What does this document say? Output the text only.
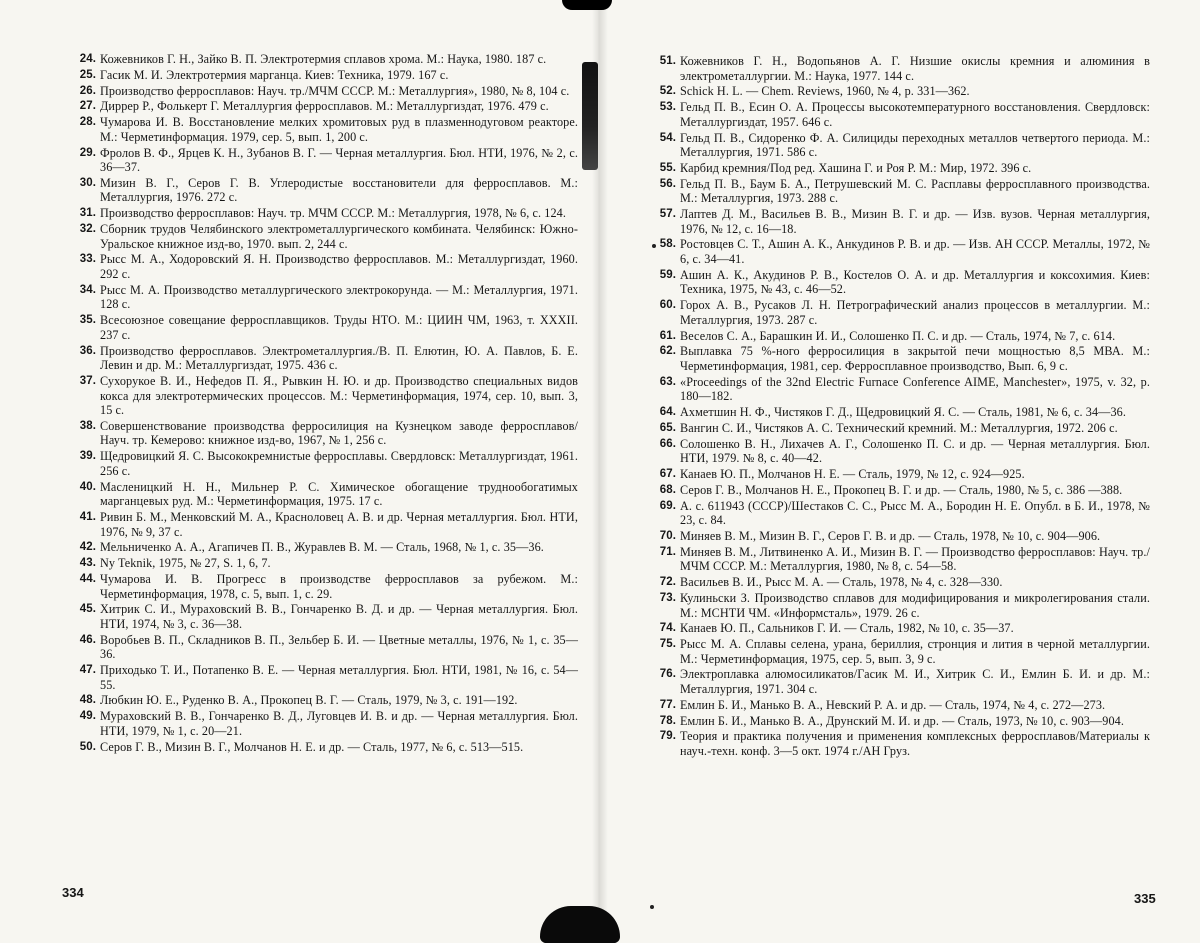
24. Кожевников Г. Н., Зайко В. П. Электротермия сплавов хрома. М.: Наука, 1980. 187 с.
25. Гасик М. И. Электротермия марганца. Киев: Техника, 1979. 167 с.
26. Производство ферросплавов: Науч. тр./МЧМ СССР. М.: Металлургия», 1980, № 8, 104 с.
27. Диррер Р., Фолькерт Г. Металлургия ферросплавов. М.: Металлургиздат, 1976. 479 с.
28. Чумарова И. В. Восстановление мелких хромитовых руд в плазменнодуговом реакторе. М.: Черметинформация. 1979, сер. 5, вып. 1, 200 с.
29. Фролов В. Ф., Ярцев К. Н., Зубанов В. Г. — Черная металлургия. Бюл. НТИ, 1976, № 2, с. 36—37.
30. Мизин В. Г., Серов Г. В. Углеродистые восстановители для ферросплавов. М.: Металлургия, 1976. 272 с.
31. Производство ферросплавов: Науч. тр. МЧМ СССР. М.: Металлургия, 1978, № 6, с. 124.
32. Сборник трудов Челябинского электрометаллургического комбината. Челябинск: Южно-Уральское книжное изд-во, 1970. вып. 2, 244 с.
33. Рысс М. А., Ходоровский Я. Н. Производство ферросплавов. М.: Металлургиздат, 1960. 292 с.
34. Рысс М. А. Производство металлургического электрокорунда. — М.: Металлургия, 1971. 128 с.
35. Всесоюзное совещание ферросплавщиков. Труды НТО. М.: ЦИИН ЧМ, 1963, т. XXXII. 237 с.
36. Производство ферросплавов. Электрометаллургия./В. П. Елютин, Ю. А. Павлов, Б. Е. Левин и др. М.: Металлургиздат, 1975. 436 с.
37. Сухорукое В. И., Нефедов П. Я., Рывкин Н. Ю. и др. Производство специальных видов кокса для электротермических процессов. М.: Черметинформация, 1974, сер. 10, вып. 3, 15 с.
38. Совершенствование производства ферросилиция на Кузнецком заводе ферросплавов/Науч. тр. Кемерово: книжное изд-во, 1967, № 1, 256 с.
39. Щедровицкий Я. С. Высококремнистые ферросплавы. Свердловск: Металлургиздат, 1961. 256 с.
40. Масленицкий Н. Н., Мильнер Р. С. Химическое обогащение труднообогатимых марганцевых руд. М.: Черметинформация, 1975. 17 с.
41. Ривин Б. М., Менковский М. А., Красноловец А. В. и др. Черная металлургия. Бюл. НТИ, 1976, № 9, 37 с.
42. Мельниченко А. А., Агапичев П. В., Журавлев В. М. — Сталь, 1968, № 1, с. 35—36.
43. Ny Teknik, 1975, № 27, S. 1, 6, 7.
44. Чумарова И. В. Прогресс в производстве ферросплавов за рубежом. М.: Черметинформация, 1978, с. 5, вып. 1, с. 29.
45. Хитрик С. И., Мураховский В. В., Гончаренко В. Д. и др. — Черная металлургия. Бюл. НТИ, 1974, № 3, с. 36—38.
46. Воробьев В. П., Складников В. П., Зельбер Б. И. — Цветные металлы, 1976, № 1, с. 35—36.
47. Приходько Т. И., Потапенко В. Е. — Черная металлургия. Бюл. НТИ, 1981, № 16, с. 54—55.
48. Любкин Ю. Е., Руденко В. А., Прокопец В. Г. — Сталь, 1979, № 3, с. 191—192.
49. Мураховский В. В., Гончаренко В. Д., Луговцев И. В. и др. — Черная металлургия. Бюл. НТИ, 1979, № 1, с. 20—21.
50. Серов Г. В., Мизин В. Г., Молчанов Н. Е. и др. — Сталь, 1977, № 6, с. 513—515.
51. Кожевников Г. Н., Водопьянов А. Г. Низшие окислы кремния и алюминия в электрометаллургии. М.: Наука, 1977. 144 с.
52. Schick H. L. — Chem. Reviews, 1960, № 4, p. 331—362.
53. Гельд П. В., Есин О. А. Процессы высокотемпературного восстановления. Свердловск: Металлургиздат, 1957. 646 с.
54. Гельд П. В., Сидоренко Ф. А. Силициды переходных металлов четвертого периода. М.: Металлургия, 1971. 586 с.
55. Карбид кремния/Под ред. Хашина Г. и Роя Р. М.: Мир, 1972. 396 с.
56. Гельд П. В., Баум Б. А., Петрушевский М. С. Расплавы ферросплавного производства. М.: Металлургия, 1973. 288 с.
57. Лаптев Д. М., Васильев В. В., Мизин В. Г. и др. — Изв. вузов. Черная металлургия, 1976, № 12, с. 16—18.
58. Ростовцев С. Т., Ашин А. К., Анкудинов Р. В. и др. — Изв. АН СССР. Металлы, 1972, № 6, с. 34—41.
59. Ашин А. К., Акудинов Р. В., Костелов О. А. и др. Металлургия и коксохимия. Киев: Техника, 1975, № 43, с. 46—52.
60. Горох А. В., Русаков Л. Н. Петрографический анализ процессов в металлургии. М.: Металлургия, 1973. 287 с.
61. Веселов С. А., Барашкин И. И., Солошенко П. С. и др. — Сталь, 1974, № 7, с. 614.
62. Выплавка 75 %-ного ферросилиция в закрытой печи мощностью 8,5 МВА. М.: Черметинформация, 1981, сер. Ферросплавное производство, Вып. 6, 9 с.
63. «Proceedings of the 32nd Electric Furnace Conference AIME, Manchester», 1975, v. 32, p. 180—182.
64. Ахметшин Н. Ф., Чистяков Г. Д., Щедровицкий Я. С. — Сталь, 1981, № 6, с. 34—36.
65. Вангин С. И., Чистяков А. С. Технический кремний. М.: Металлургия, 1972. 206 с.
66. Солошенко В. Н., Лихачев А. Г., Солошенко П. С. и др. — Черная металлургия. Бюл. НТИ, 1979. № 8, с. 40—42.
67. Канаев Ю. П., Молчанов Н. Е. — Сталь, 1979, № 12, с. 924—925.
68. Серов Г. В., Молчанов Н. Е., Прокопец В. Г. и др. — Сталь, 1980, № 5, с. 386 —388.
69. А. с. 611943 (СССР)/Шестаков С. С., Рысс М. А., Бородин Н. Е. Опубл. в Б. И., 1978, № 23, с. 84.
70. Миняев В. М., Мизин В. Г., Серов Г. В. и др. — Сталь, 1978, № 10, с. 904—906.
71. Миняев В. М., Литвиненко А. И., Мизин В. Г. — Производство ферросплавов: Науч. тр./МЧМ СССР. М.: Металлургия, 1980, № 8, с. 54—58.
72. Васильев В. И., Рысс М. А. — Сталь, 1978, № 4, с. 328—330.
73. Кулиньски З. Производство сплавов для модифицирования и микролегирования стали. М.: МСНТИ ЧМ. «Информсталь», 1979. 26 с.
74. Канаев Ю. П., Сальников Г. И. — Сталь, 1982, № 10, с. 35—37.
75. Рысс М. А. Сплавы селена, урана, бериллия, стронция и лития в черной металлургии. М.: Черметинформация, 1975, сер. 5, вып. 3, 9 с.
76. Электроплавка алюмосиликатов/Гасик М. И., Хитрик С. И., Емлин Б. И. и др. М.: Металлургия, 1971. 304 с.
77. Емлин Б. И., Манько В. А., Невский Р. А. и др. — Сталь, 1974, № 4, с. 272—273.
78. Емлин Б. И., Манько В. А., Друнский М. И. и др. — Сталь, 1973, № 10, с. 903—904.
79. Теория и практика получения и применения комплексных ферросплавов/Материалы к науч.-техн. конф. 3—5 окт. 1974 г./АН Груз.
334	335
